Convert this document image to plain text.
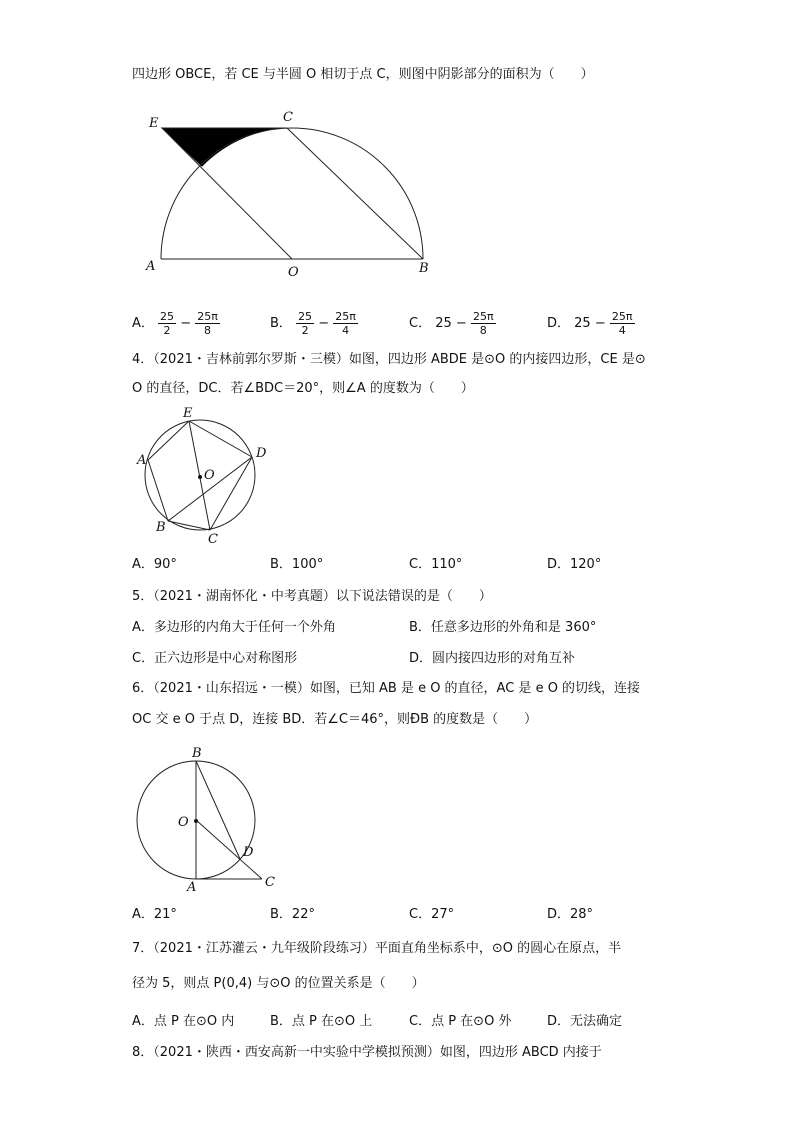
四边形 OBCE，若 CE 与半圆 O 相切于点 C，则图中阴影部分的面积为（　　）
E	C
A	O	B
A． $\frac{25}{2} - \frac{25\pi}{8}$	B． $\frac{25}{2} - \frac{25\pi}{4}$	C． $25 - \frac{25\pi}{8}$	D． $25 - \frac{25\pi}{4}$
4．（2021・吉林前郭尔罗斯・三模）如图，四边形 ABDE 是⊙O 的内接四边形，CE 是⊙
O 的直径，DC．若∠BDC＝20°，则∠A 的度数为（　　）
E
A	D
O
B
C
A．90°	B．100°	C．110°	D．120°
5．（2021・湖南怀化・中考真题）以下说法错误的是（　　）
A．多边形的内角大于任何一个外角	B．任意多边形的外角和是 360°
C．正六边形是中心对称图形	D．圆内接四边形的对角互补
6．（2021・山东招远・一模）如图，已知 AB 是 e O 的直径，AC 是 e O 的切线，连接
OC 交 e O 于点 D，连接 BD．若∠C＝46°，则ÐB 的度数是（　　）
B
O
D
A	C
A．21°	B．22°	C．27°	D．28°
7．（2021・江苏灌云・九年级阶段练习）平面直角坐标系中，⊙O 的圆心在原点，半
径为 5，则点 P(0,4) 与⊙O 的位置关系是（　　）
A．点 P 在⊙O 内	B．点 P 在⊙O 上	C．点 P 在⊙O 外	D．无法确定
8．（2021・陕西・西安高新一中实验中学模拟预测）如图，四边形 ABCD 内接于
